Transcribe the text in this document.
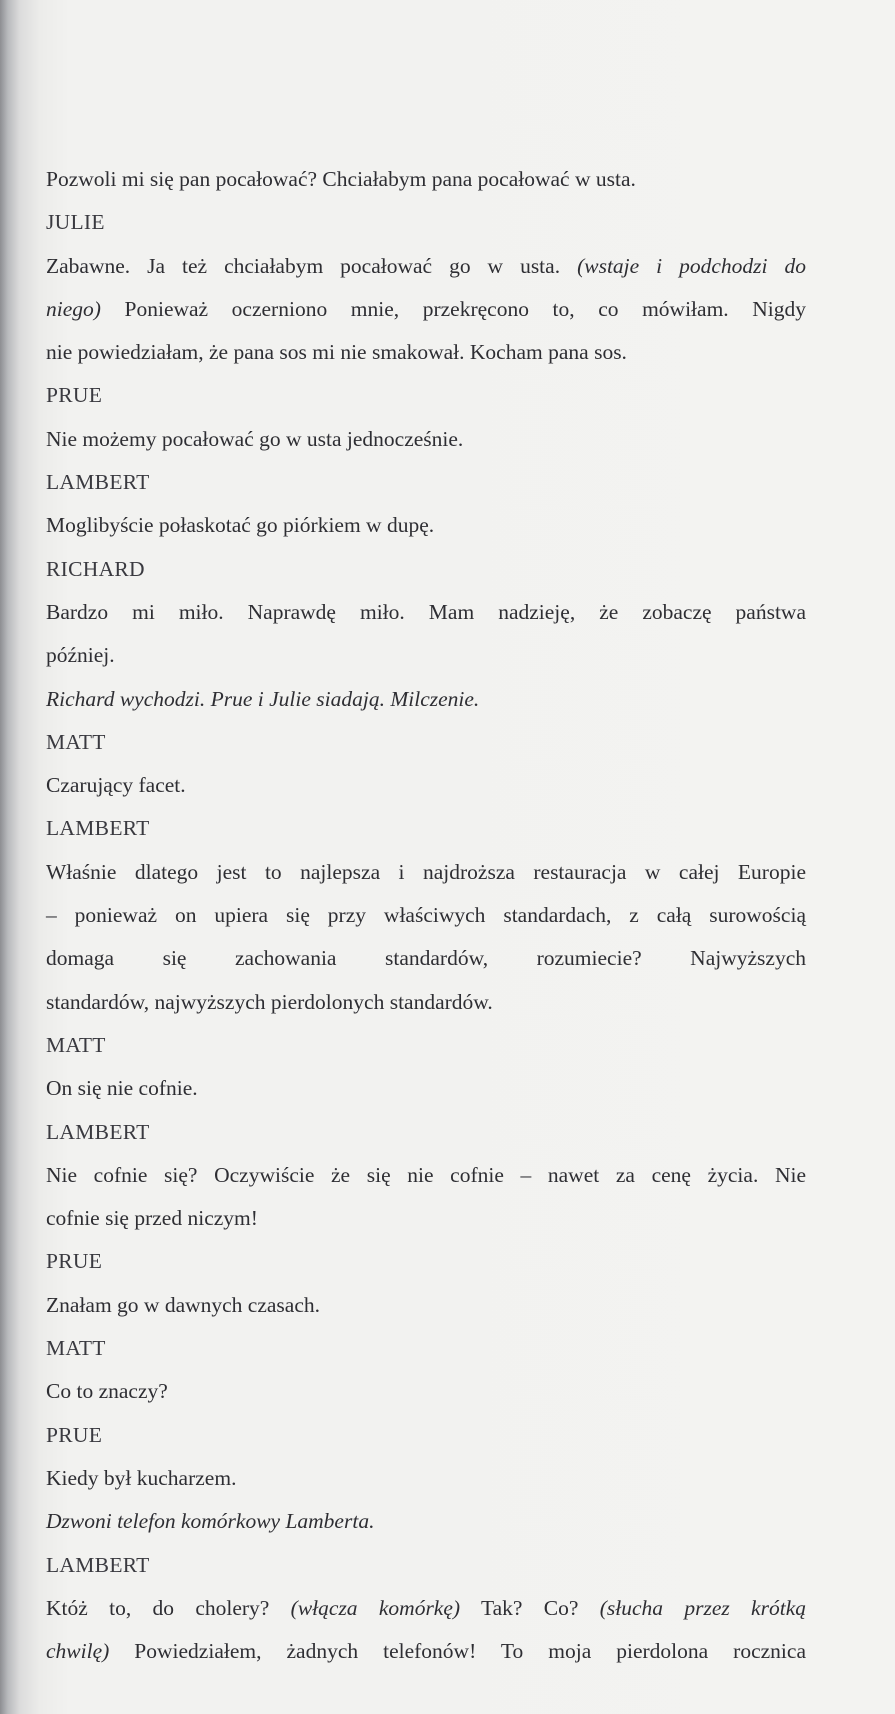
Pozwoli mi się pan pocałować? Chciałabym pana pocałować w usta.
JULIE
Zabawne. Ja też chciałabym pocałować go w usta. (wstaje i podchodzi do
niego) Ponieważ oczerniono mnie, przekręcono to, co mówiłam. Nigdy
nie powiedziałam, że pana sos mi nie smakował. Kocham pana sos.
PRUE
Nie możemy pocałować go w usta jednocześnie.
LAMBERT
Moglibyście połaskotać go piórkiem w dupę.
RICHARD
Bardzo mi miło. Naprawdę miło. Mam nadzieję, że zobaczę państwa
później.
Richard wychodzi. Prue i Julie siadają. Milczenie.
MATT
Czarujący facet.
LAMBERT
Właśnie dlatego jest to najlepsza i najdroższa restauracja w całej Europie
– ponieważ on upiera się przy właściwych standardach, z całą surowością
domaga się zachowania standardów, rozumiecie? Najwyższych
standardów, najwyższych pierdolonych standardów.
MATT
On się nie cofnie.
LAMBERT
Nie cofnie się? Oczywiście że się nie cofnie – nawet za cenę życia. Nie
cofnie się przed niczym!
PRUE
Znałam go w dawnych czasach.
MATT
Co to znaczy?
PRUE
Kiedy był kucharzem.
Dzwoni telefon komórkowy Lamberta.
LAMBERT
Któż to, do cholery? (włącza komórkę) Tak? Co? (słucha przez krótką
chwilę) Powiedziałem, żadnych telefonów! To moja pierdolona rocznica
